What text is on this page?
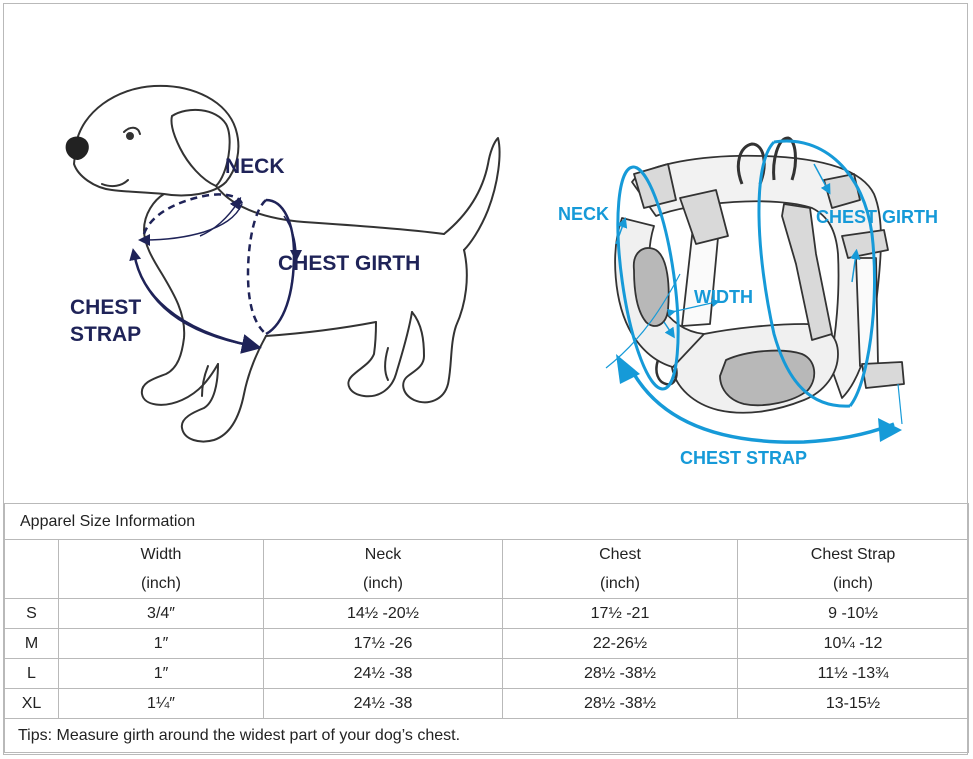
NECK
CHEST GIRTH
CHEST
STRAP
NECK	CHEST GIRTH
WIDTH
CHEST STRAP
Apparel Size Information				
	Width	Neck	Chest	Chest Strap
	(inch)	(inch)	(inch)	(inch)
S	3/4″	14½ -20½	17½ -21	9 -10½
M	1″	17½ -26	22-26½	10¼ -12
L	1″	24½ -38	28½ -38½	11½ -13¾
XL	1¼″	24½ -38	28½ -38½	13-15½
Tips: Measure girth around the widest part of your dog’s chest.				
